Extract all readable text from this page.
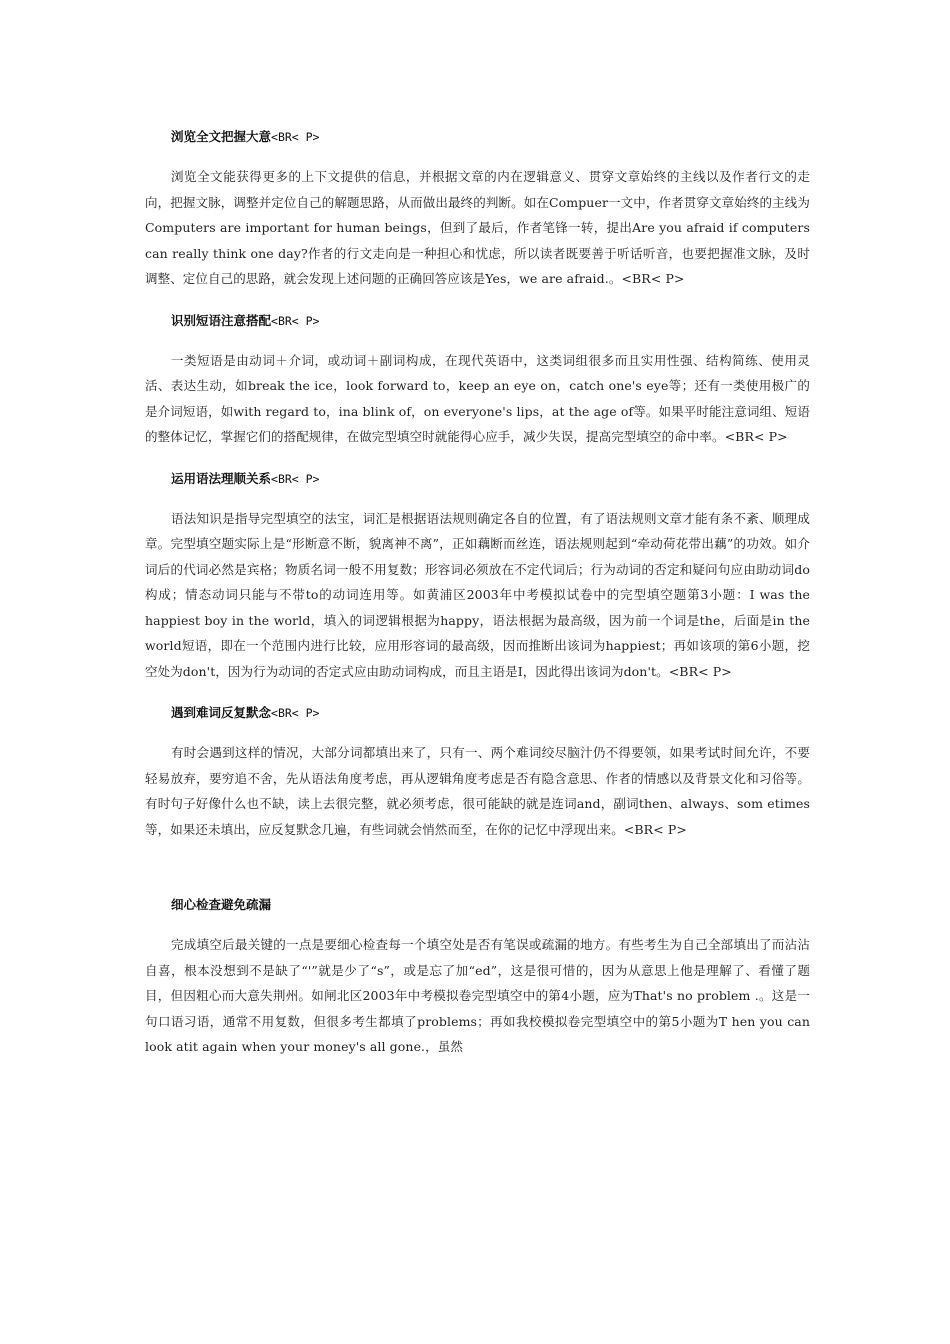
浏览全文把握大意<BR< P>

浏览全文能获得更多的上下文提供的信息，并根据文章的内在逻辑意义、贯穿文章始终的主线以及作者行文的走向，把握文脉，调整并定位自己的解题思路，从而做出最终的判断。如在Compuer一文中，作者贯穿文章始终的主线为Computers are important for human beings，但到了最后，作者笔锋一转，提出Are you afraid if computers can really think one day?作者的行文走向是一种担心和忧虑，所以读者既要善于听话听音，也要把握准文脉，及时调整、定位自己的思路，就会发现上述问题的正确回答应该是Yes，we are afraid.。<BR< P>

识别短语注意搭配<BR< P>

一类短语是由动词＋介词，或动词＋副词构成，在现代英语中，这类词组很多而且实用性强、结构简练、使用灵活、表达生动，如break the ice，look forward to，keep an eye on，catch one's eye等；还有一类使用极广的是介词短语，如with regard to，ina blink of，on everyone's lips，at the age of等。如果平时能注意词组、短语的整体记忆，掌握它们的搭配规律，在做完型填空时就能得心应手，减少失误，提高完型填空的命中率。<BR< P>

运用语法理顺关系<BR< P>

语法知识是指导完型填空的法宝，词汇是根据语法规则确定各自的位置，有了语法规则文章才能有条不紊、顺理成章。完型填空题实际上是“形断意不断，貌离神不离”，正如藕断而丝连，语法规则起到“牵动荷花带出藕”的功效。如介词后的代词必然是宾格；物质名词一般不用复数；形容词必须放在不定代词后；行为动词的否定和疑问句应由助动词do构成；情态动词只能与不带to的动词连用等。如黄浦区2003年中考模拟试卷中的完型填空题第3小题：I was the happiest boy in the world，填入的词逻辑根据为happy，语法根据为最高级，因为前一个词是the，后面是in the world短语，即在一个范围内进行比较，应用形容词的最高级，因而推断出该词为happiest；再如该项的第6小题，挖空处为don't，因为行为动词的否定式应由助动词构成，而且主语是I，因此得出该词为don't。<BR< P>

遇到难词反复默念<BR< P>

有时会遇到这样的情况，大部分词都填出来了，只有一、两个难词绞尽脑汁仍不得要领，如果考试时间允许，不要轻易放弃，要穷追不舍，先从语法角度考虑，再从逻辑角度考虑是否有隐含意思、作者的情感以及背景文化和习俗等。有时句子好像什么也不缺，读上去很完整，就必须考虑，很可能缺的就是连词and，副词then、always、som etimes等，如果还未填出，应反复默念几遍，有些词就会悄然而至，在你的记忆中浮现出来。<BR< P>

细心检查避免疏漏

完成填空后最关键的一点是要细心检查每一个填空处是否有笔误或疏漏的地方。有些考生为自己全部填出了而沾沾自喜，根本没想到不是缺了“'”就是少了“s”，或是忘了加“ed”，这是很可惜的，因为从意思上他是理解了、看懂了题目，但因粗心而大意失荆州。如闸北区2003年中考模拟卷完型填空中的第4小题，应为That's no problem .。这是一句口语习语，通常不用复数，但很多考生都填了problems；再如我校模拟卷完型填空中的第5小题为T hen you can look atit again when your money's all gone.，虽然
